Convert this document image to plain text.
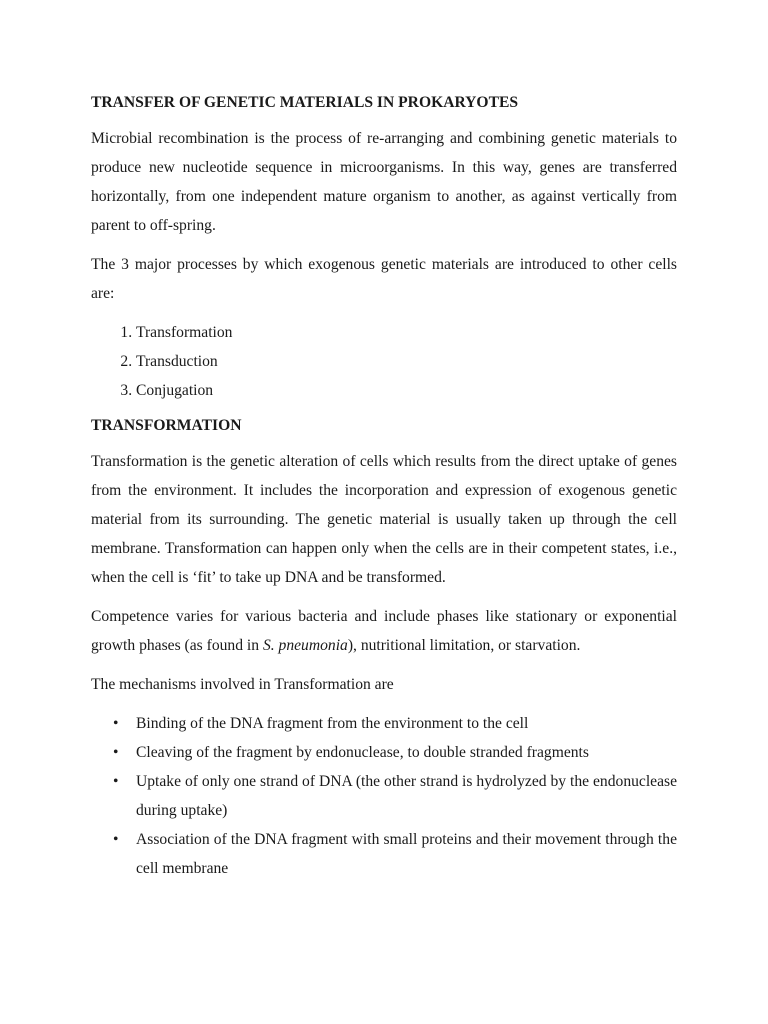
TRANSFER OF GENETIC MATERIALS IN PROKARYOTES

Microbial recombination is the process of re-arranging and combining genetic materials to produce new nucleotide sequence in microorganisms. In this way, genes are transferred horizontally, from one independent mature organism to another, as against vertically from parent to off-spring.

The 3 major processes by which exogenous genetic materials are introduced to other cells are:

1. Transformation
2. Transduction
3. Conjugation
TRANSFORMATION

Transformation is the genetic alteration of cells which results from the direct uptake of genes from the environment. It includes the incorporation and expression of exogenous genetic material from its surrounding. The genetic material is usually taken up through the cell membrane. Transformation can happen only when the cells are in their competent states, i.e., when the cell is ‘fit’ to take up DNA and be transformed.

Competence varies for various bacteria and include phases like stationary or exponential growth phases (as found in S. pneumonia), nutritional limitation, or starvation.

The mechanisms involved in Transformation are

• Binding of the DNA fragment from the environment to the cell
• Cleaving of the fragment by endonuclease, to double stranded fragments
• Uptake of only one strand of DNA (the other strand is hydrolyzed by the endonuclease during uptake)
• Association of the DNA fragment with small proteins and their movement through the cell membrane
